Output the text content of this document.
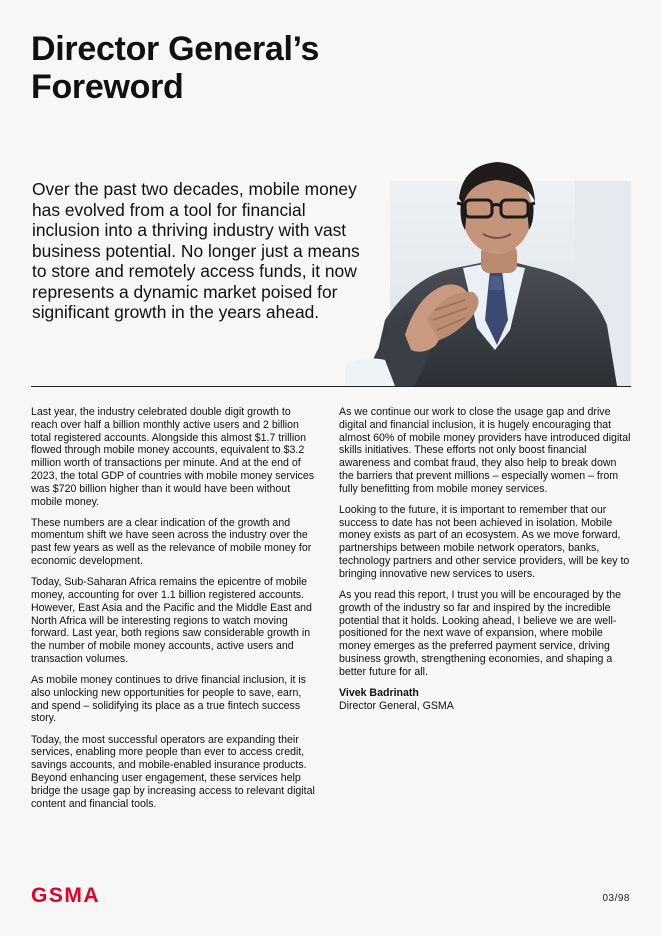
Director General’s
Foreword

Over the past two decades, mobile money has evolved from a tool for financial inclusion into a thriving industry with vast business potential. No longer just a means to store and remotely access funds, it now represents a dynamic market poised for significant growth in the years ahead.

Last year, the industry celebrated double digit growth to reach over half a billion monthly active users and 2 billion total registered accounts. Alongside this almost $1.7 trillion flowed through mobile money accounts, equivalent to $3.2 million worth of transactions per minute. And at the end of 2023, the total GDP of countries with mobile money services was $720 billion higher than it would have been without mobile money.

These numbers are a clear indication of the growth and momentum shift we have seen across the industry over the past few years as well as the relevance of mobile money for economic development.

Today, Sub-Saharan Africa remains the epicentre of mobile money, accounting for over 1.1 billion registered accounts. However, East Asia and the Pacific and the Middle East and North Africa will be interesting regions to watch moving forward. Last year, both regions saw considerable growth in the number of mobile money accounts, active users and transaction volumes.

As mobile money continues to drive financial inclusion, it is also unlocking new opportunities for people to save, earn, and spend – solidifying its place as a true fintech success story.

Today, the most successful operators are expanding their services, enabling more people than ever to access credit, savings accounts, and mobile-enabled insurance products. Beyond enhancing user engagement, these services help bridge the usage gap by increasing access to relevant digital content and financial tools.

As we continue our work to close the usage gap and drive digital and financial inclusion, it is hugely encouraging that almost 60% of mobile money providers have introduced digital skills initiatives. These efforts not only boost financial awareness and combat fraud, they also help to break down the barriers that prevent millions – especially women – from fully benefitting from mobile money services.

Looking to the future, it is important to remember that our success to date has not been achieved in isolation. Mobile money exists as part of an ecosystem. As we move forward, partnerships between mobile network operators, banks, technology partners and other service providers, will be key to bringing innovative new services to users.

As you read this report, I trust you will be encouraged by the growth of the industry so far and inspired by the incredible potential that it holds. Looking ahead, I believe we are well-positioned for the next wave of expansion, where mobile money emerges as the preferred payment service, driving business growth, strengthening economies, and shaping a better future for all.

Vivek Badrinath
Director General, GSMA
GSMA	03/98
